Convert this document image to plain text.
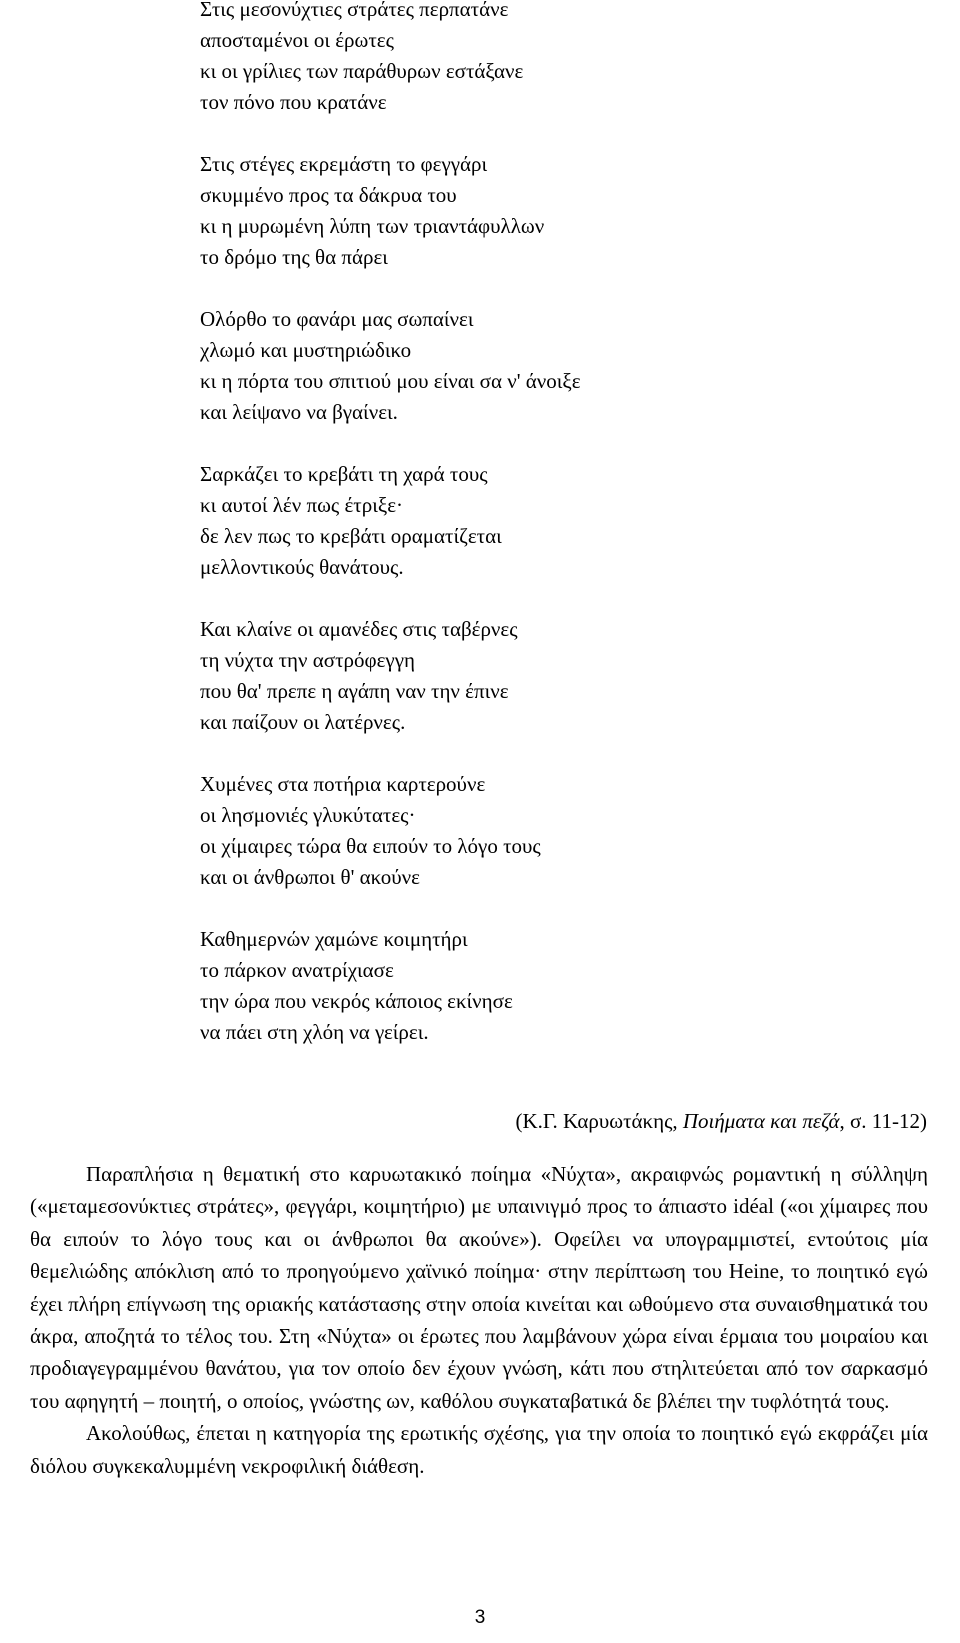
Στις μεσονύχτιες στράτες περπατάνε
αποσταμένοι οι έρωτες
κι οι γρίλιες των παράθυρων εστάξανε
τον πόνο που κρατάνε
Στις στέγες εκρεμάστη το φεγγάρι
σκυμμένο προς τα δάκρυα του
κι η μυρωμένη λύπη των τριαντάφυλλων
το δρόμο της θα πάρει
Ολόρθο το φανάρι μας σωπαίνει
χλωμό και μυστηριώδικο
κι η πόρτα του σπιτιού μου είναι σα ν' άνοιξε
και λείψανο να βγαίνει.
Σαρκάζει το κρεβάτι τη χαρά τους
κι αυτοί λέν πως έτριξε·
δε λεν πως το κρεβάτι οραματίζεται
μελλοντικούς θανάτους.
Και κλαίνε οι αμανέδες στις ταβέρνες
τη νύχτα την αστρόφεγγη
που θα' πρεπε η αγάπη ναν την έπινε
και παίζουν οι λατέρνες.
Χυμένες στα ποτήρια καρτερούνε
οι λησμονιές γλυκύτατες·
οι χίμαιρες τώρα θα ειπούν το λόγο τους
και οι άνθρωποι θ' ακούνε
Καθημερνών χαμώνε κοιμητήρι
το πάρκον ανατρίχιασε
την ώρα που νεκρός κάποιος εκίνησε
να πάει στη χλόη να γείρει.
(Κ.Γ. Καρυωτάκης, Ποιήματα και πεζά, σ. 11-12)

Παραπλήσια η θεματική στο καρυωτακικό ποίημα «Νύχτα», ακραιφνώς ρομαντική η σύλληψη («μεταμεσονύκτιες στράτες», φεγγάρι, κοιμητήριο) με υπαινιγμό προς το άπιαστο idéal («οι χίμαιρες που θα ειπούν το λόγο τους και οι άνθρωποι θα ακούνε»). Οφείλει να υπογραμμιστεί, εντούτοις μία θεμελιώδης απόκλιση από το προηγούμενο χαϊνικό ποίημα· στην περίπτωση του Heine, το ποιητικό εγώ έχει πλήρη επίγνωση της οριακής κατάστασης στην οποία κινείται και ωθούμενο στα συναισθηματικά του άκρα, αποζητά το τέλος του. Στη «Νύχτα» οι έρωτες που λαμβάνουν χώρα είναι έρμαια του μοιραίου και προδιαγεγραμμένου θανάτου, για τον οποίο δεν έχουν γνώση, κάτι που στηλιτεύεται από τον σαρκασμό του αφηγητή – ποιητή, ο οποίος, γνώστης ων, καθόλου συγκαταβατικά δε βλέπει την τυφλότητά τους.

Ακολούθως, έπεται η κατηγορία της ερωτικής σχέσης, για την οποία το ποιητικό εγώ εκφράζει μία διόλου συγκεκαλυμμένη νεκροφιλική διάθεση.

3
